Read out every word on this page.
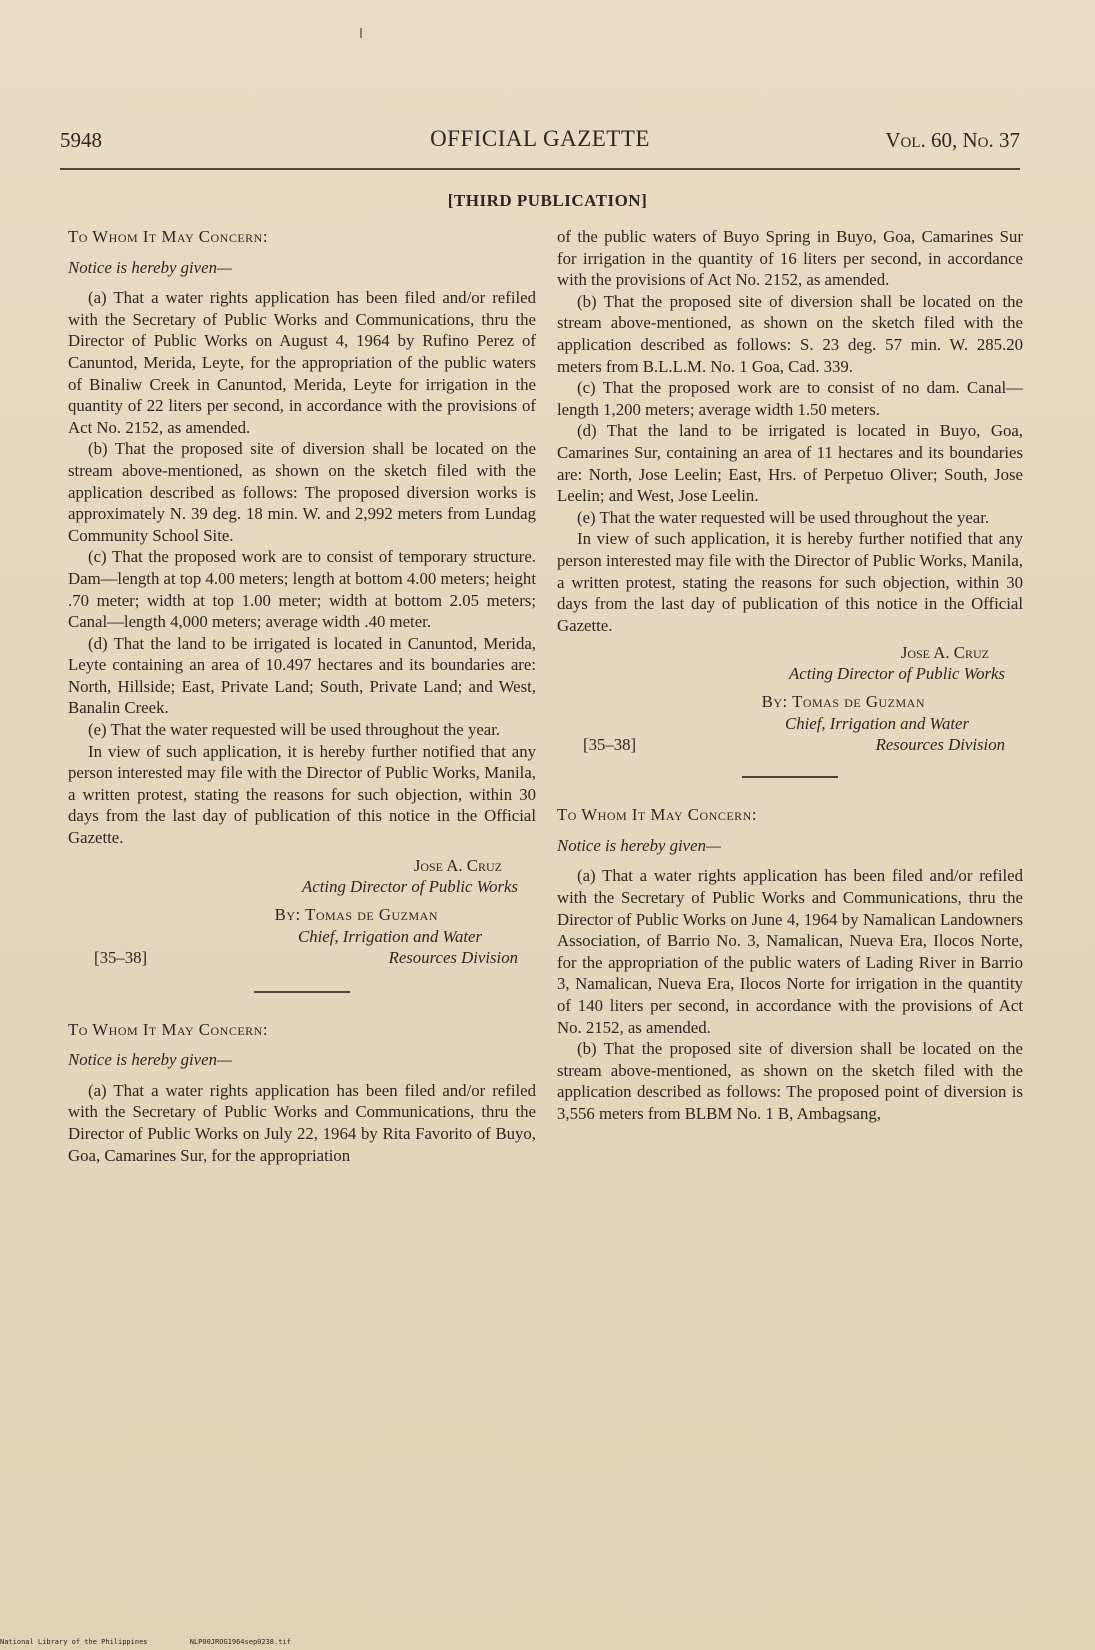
5948	OFFICIAL GAZETTE	Vol. 60, No. 37
[THIRD PUBLICATION]
To Whom It May Concern:
Notice is hereby given—

(a) That a water rights application has been filed and/or refiled with the Secretary of Public Works and Communications, thru the Director of Public Works on August 4, 1964 by Rufino Perez of Canuntod, Merida, Leyte, for the appropriation of the public waters of Binaliw Creek in Canuntod, Merida, Leyte for irrigation in the quantity of 22 liters per second, in accordance with the provisions of Act No. 2152, as amended.

(b) That the proposed site of diversion shall be located on the stream above-mentioned, as shown on the sketch filed with the application described as follows: The proposed diversion works is approximately N. 39 deg. 18 min. W. and 2,992 meters from Lundag Community School Site.

(c) That the proposed work are to consist of temporary structure. Dam—length at top 4.00 meters; length at bottom 4.00 meters; height .70 meter; width at top 1.00 meter; width at bottom 2.05 meters; Canal—length 4,000 meters; average width .40 meter.

(d) That the land to be irrigated is located in Canuntod, Merida, Leyte containing an area of 10.497 hectares and its boundaries are: North, Hillside; East, Private Land; South, Private Land; and West, Banalin Creek.

(e) That the water requested will be used throughout the year.

In view of such application, it is hereby further notified that any person interested may file with the Director of Public Works, Manila, a written protest, stating the reasons for such objection, within 30 days from the last day of publication of this notice in the Official Gazette.

Jose A. Cruz
Acting Director of Public Works
By: Tomas de Guzman
Chief, Irrigation and Water
[35–38]	Resources Division
To Whom It May Concern:
Notice is hereby given—

(a) That a water rights application has been filed and/or refiled with the Secretary of Public Works and Communications, thru the Director of Public Works on July 22, 1964 by Rita Favorito of Buyo, Goa, Camarines Sur, for the appropriation

of the public waters of Buyo Spring in Buyo, Goa, Camarines Sur for irrigation in the quantity of 16 liters per second, in accordance with the provisions of Act No. 2152, as amended.

(b) That the proposed site of diversion shall be located on the stream above-mentioned, as shown on the sketch filed with the application described as follows: S. 23 deg. 57 min. W. 285.20 meters from B.L.L.M. No. 1 Goa, Cad. 339.

(c) That the proposed work are to consist of no dam. Canal—length 1,200 meters; average width 1.50 meters.

(d) That the land to be irrigated is located in Buyo, Goa, Camarines Sur, containing an area of 11 hectares and its boundaries are: North, Jose Leelin; East, Hrs. of Perpetuo Oliver; South, Jose Leelin; and West, Jose Leelin.

(e) That the water requested will be used throughout the year.

In view of such application, it is hereby further notified that any person interested may file with the Director of Public Works, Manila, a written protest, stating the reasons for such objection, within 30 days from the last day of publication of this notice in the Official Gazette.

Jose A. Cruz
Acting Director of Public Works
By: Tomas de Guzman
Chief, Irrigation and Water
[35–38]	Resources Division
To Whom It May Concern:
Notice is hereby given—

(a) That a water rights application has been filed and/or refiled with the Secretary of Public Works and Communications, thru the Director of Public Works on June 4, 1964 by Namalican Landowners Association, of Barrio No. 3, Namalican, Nueva Era, Ilocos Norte, for the appropriation of the public waters of Lading River in Barrio 3, Namalican, Nueva Era, Ilocos Norte for irrigation in the quantity of 140 liters per second, in accordance with the provisions of Act No. 2152, as amended.

(b) That the proposed site of diversion shall be located on the stream above-mentioned, as shown on the sketch filed with the application described as follows: The proposed point of diversion is 3,556 meters from BLBM No. 1 B, Ambagsang,

National Library of the Philippines	NLP00JROG1964sep0238.tif
